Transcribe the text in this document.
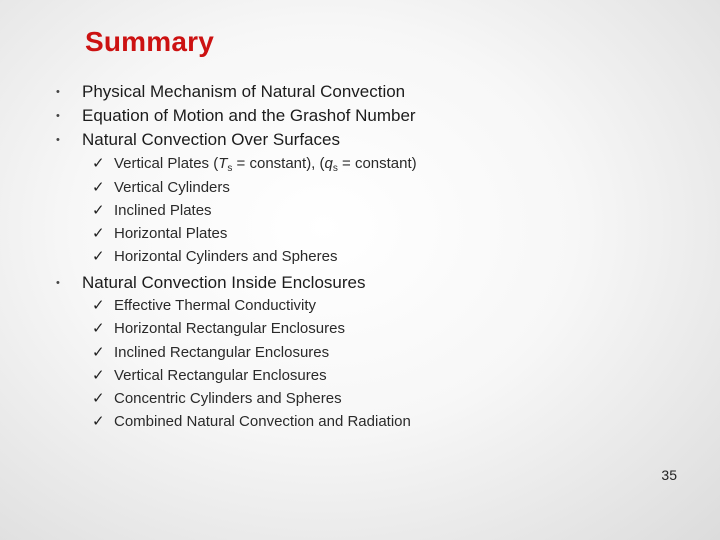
Summary
• Physical Mechanism of Natural Convection
• Equation of Motion and the Grashof Number
• Natural Convection Over Surfaces
✓ Vertical Plates ($T_s$ = constant), ($q_s$ = constant)
✓ Vertical Cylinders
✓ Inclined Plates
✓ Horizontal Plates
✓ Horizontal Cylinders and Spheres
• Natural Convection Inside Enclosures
✓ Effective Thermal Conductivity
✓ Horizontal Rectangular Enclosures
✓ Inclined Rectangular Enclosures
✓ Vertical Rectangular Enclosures
✓ Concentric Cylinders and Spheres
✓ Combined Natural Convection and Radiation
35
